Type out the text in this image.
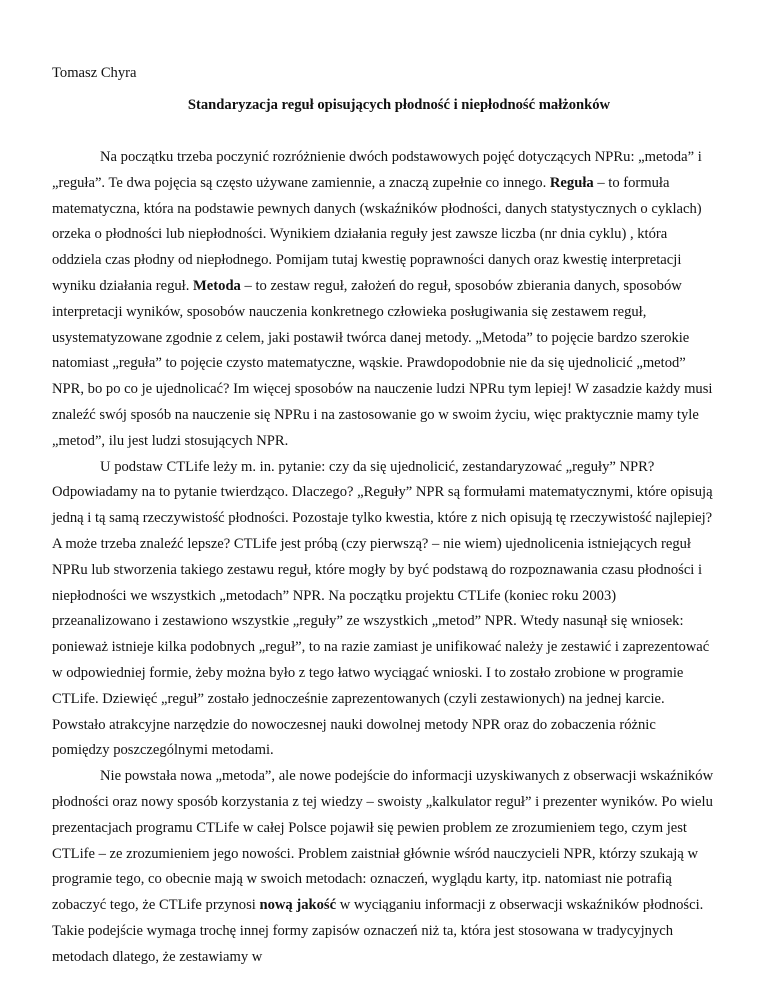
Tomasz Chyra
Standaryzacja reguł opisujących płodność i niepłodność małżonków

Na początku trzeba poczynić rozróżnienie dwóch podstawowych pojęć dotyczących NPRu: „metoda” i „reguła”. Te dwa pojęcia są często używane zamiennie, a znaczą zupełnie co innego. Reguła – to formuła matematyczna, która na podstawie pewnych danych (wskaźników płodności, danych statystycznych o cyklach) orzeka o płodności lub niepłodności. Wynikiem działania reguły jest zawsze liczba (nr dnia cyklu) , która oddziela czas płodny od niepłodnego. Pomijam tutaj kwestię poprawności danych oraz kwestię interpretacji wyniku działania reguł. Metoda – to zestaw reguł, założeń do reguł, sposobów zbierania danych, sposobów interpretacji wyników, sposobów nauczenia konkretnego człowieka posługiwania się zestawem reguł, usystematyzowane zgodnie z celem, jaki postawił twórca danej metody. „Metoda” to pojęcie bardzo szerokie natomiast „reguła” to pojęcie czysto matematyczne, wąskie. Prawdopodobnie nie da się ujednolicić „metod” NPR, bo po co je ujednolicać? Im więcej sposobów na nauczenie ludzi NPRu tym lepiej! W zasadzie każdy musi znaleźć swój sposób na nauczenie się NPRu i na zastosowanie go w swoim życiu, więc praktycznie mamy tyle „metod”, ilu jest ludzi stosujących NPR.

U podstaw CTLife leży m. in. pytanie: czy da się ujednolicić, zestandaryzować „reguły” NPR? Odpowiadamy na to pytanie twierdząco. Dlaczego? „Reguły” NPR są formułami matematycznymi, które opisują jedną i tą samą rzeczywistość płodności. Pozostaje tylko kwestia, które z nich opisują tę rzeczywistość najlepiej? A może trzeba znaleźć lepsze? CTLife jest próbą (czy pierwszą? – nie wiem) ujednolicenia istniejących reguł NPRu lub stworzenia takiego zestawu reguł, które mogły by być podstawą do rozpoznawania czasu płodności i niepłodności we wszystkich „metodach” NPR. Na początku projektu CTLife (koniec roku 2003) przeanalizowano i zestawiono wszystkie „reguły” ze wszystkich „metod” NPR. Wtedy nasunął się wniosek: ponieważ istnieje kilka podobnych „reguł”, to na razie zamiast je unifikować należy je zestawić i zaprezentować w odpowiedniej formie, żeby można było z tego łatwo wyciągać wnioski. I to zostało zrobione w programie CTLife. Dziewięć „reguł” zostało jednocześnie zaprezentowanych (czyli zestawionych) na jednej karcie. Powstało atrakcyjne narzędzie do nowoczesnej nauki dowolnej metody NPR oraz do zobaczenia różnic pomiędzy poszczególnymi metodami.

Nie powstała nowa „metoda”, ale nowe podejście do informacji uzyskiwanych z obserwacji wskaźników płodności oraz nowy sposób korzystania z tej wiedzy – swoisty „kalkulator reguł” i prezenter wyników. Po wielu prezentacjach programu CTLife w całej Polsce pojawił się pewien problem ze zrozumieniem tego, czym jest CTLife – ze zrozumieniem jego nowości. Problem zaistniał głównie wśród nauczycieli NPR, którzy szukają w programie tego, co obecnie mają w swoich metodach: oznaczeń, wyglądu karty, itp. natomiast nie potrafią zobaczyć tego, że CTLife przynosi nową jakość w wyciąganiu informacji z obserwacji wskaźników płodności. Takie podejście wymaga trochę innej formy zapisów oznaczeń niż ta, która jest stosowana w tradycyjnych metodach dlatego, że zestawiamy w
